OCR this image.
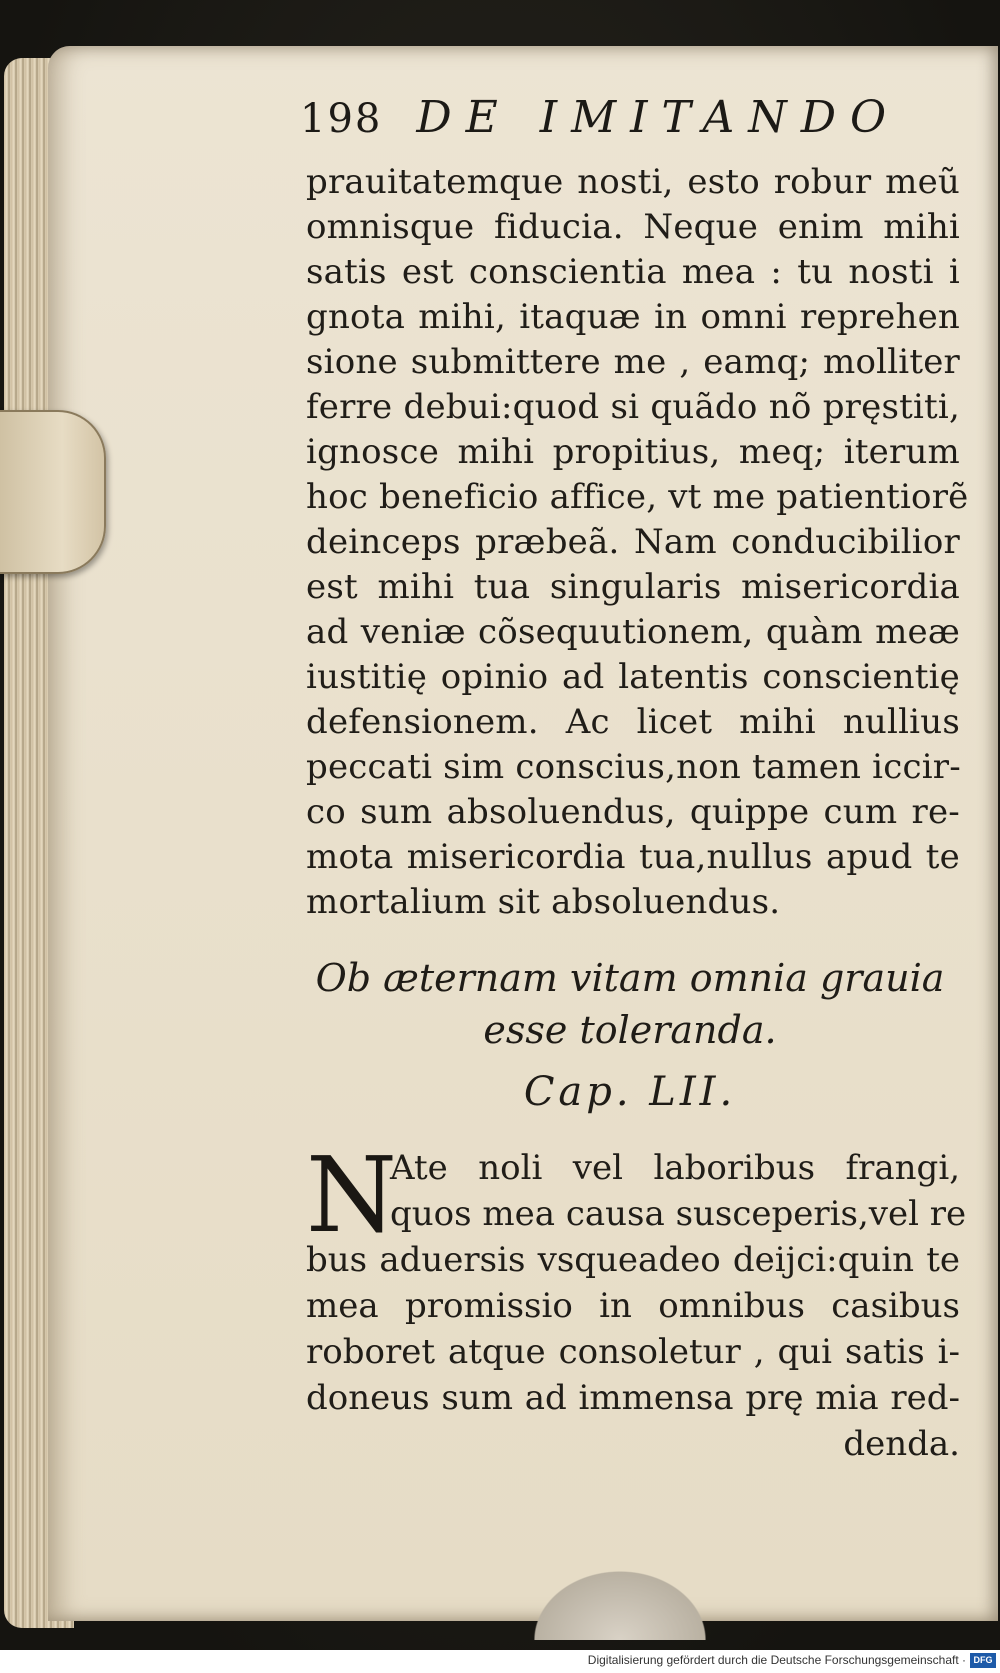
198 DE IMITANDO
prauitatemque nosti, esto robur meũ
omnisque fiducia. Neque enim mihi
satis est conscientia mea : tu nosti i
gnota mihi, itaquæ in omni reprehen
sione submittere me , eamq; molliter
ferre debui:quod si quãdo nõ pręstiti,
ignosce mihi propitius, meq; iterum
hoc beneficio affice, vt me patientiorẽ
deinceps præbeã. Nam conducibilior
est mihi tua singularis misericordia
ad veniæ cõsequutionem, quàm meæ
iustitię opinio ad latentis conscientię
defensionem. Ac licet mihi nullius
peccati sim conscius,non tamen iccir-
co sum absoluendus, quippe cum re-
mota misericordia tua,nullus apud te
mortalium sit absoluendus.
Ob æternam vitam omnia grauia
esse toleranda.
Cap. LII.
N
Ate noli vel laboribus frangi,
quos mea causa susceperis,vel re
bus aduersis vsqueadeo deijci:quin te
mea promissio in omnibus casibus
roboret atque consoletur , qui satis i-
doneus sum ad immensa prę mia red-
denda.
Digitalisierung gefördert durch die Deutsche Forschungsgemeinschaft · DFG
